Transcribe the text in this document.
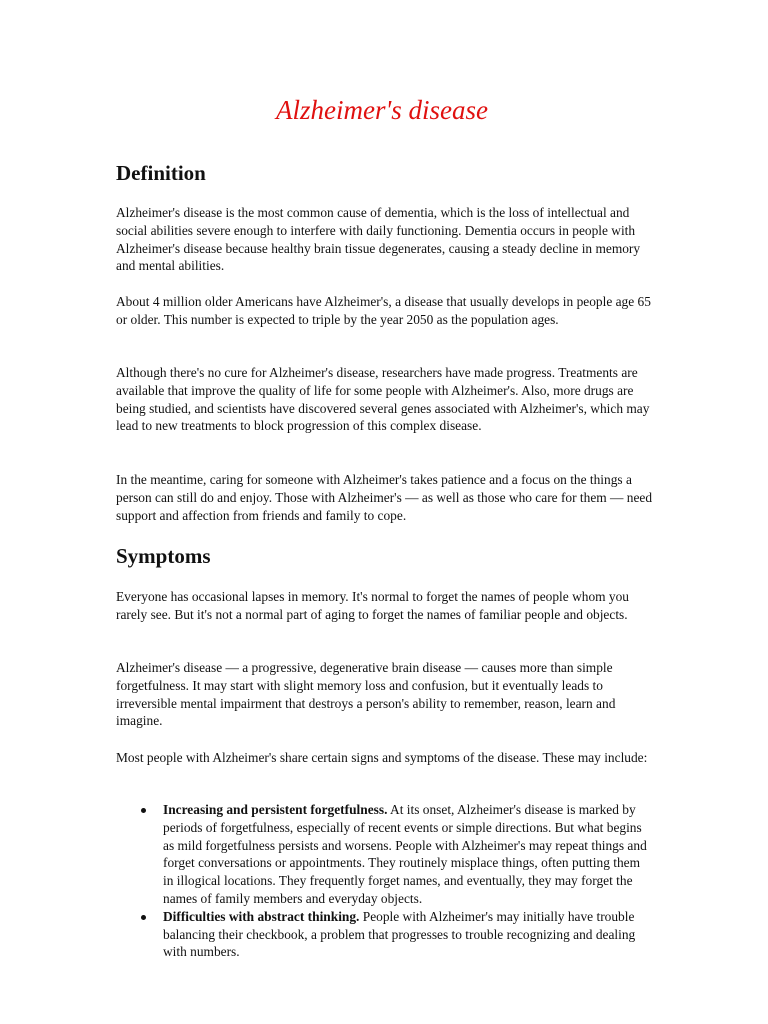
Alzheimer's disease
Definition

Alzheimer's disease is the most common cause of dementia, which is the loss of intellectual and social abilities severe enough to interfere with daily functioning. Dementia occurs in people with Alzheimer's disease because healthy brain tissue degenerates, causing a steady decline in memory and mental abilities.

About 4 million older Americans have Alzheimer's, a disease that usually develops in people age 65 or older. This number is expected to triple by the year 2050 as the population ages.

Although there's no cure for Alzheimer's disease, researchers have made progress. Treatments are available that improve the quality of life for some people with Alzheimer's. Also, more drugs are being studied, and scientists have discovered several genes associated with Alzheimer's, which may lead to new treatments to block progression of this complex disease.

In the meantime, caring for someone with Alzheimer's takes patience and a focus on the things a person can still do and enjoy. Those with Alzheimer's — as well as those who care for them — need support and affection from friends and family to cope.

Symptoms

Everyone has occasional lapses in memory. It's normal to forget the names of people whom you rarely see. But it's not a normal part of aging to forget the names of familiar people and objects.

Alzheimer's disease — a progressive, degenerative brain disease — causes more than simple forgetfulness. It may start with slight memory loss and confusion, but it eventually leads to irreversible mental impairment that destroys a person's ability to remember, reason, learn and imagine.

Most people with Alzheimer's share certain signs and symptoms of the disease. These may include:

Increasing and persistent forgetfulness. At its onset, Alzheimer's disease is marked by periods of forgetfulness, especially of recent events or simple directions. But what begins as mild forgetfulness persists and worsens. People with Alzheimer's may repeat things and forget conversations or appointments. They routinely misplace things, often putting them in illogical locations. They frequently forget names, and eventually, they may forget the names of family members and everyday objects.
Difficulties with abstract thinking. People with Alzheimer's may initially have trouble balancing their checkbook, a problem that progresses to trouble recognizing and dealing with numbers.
